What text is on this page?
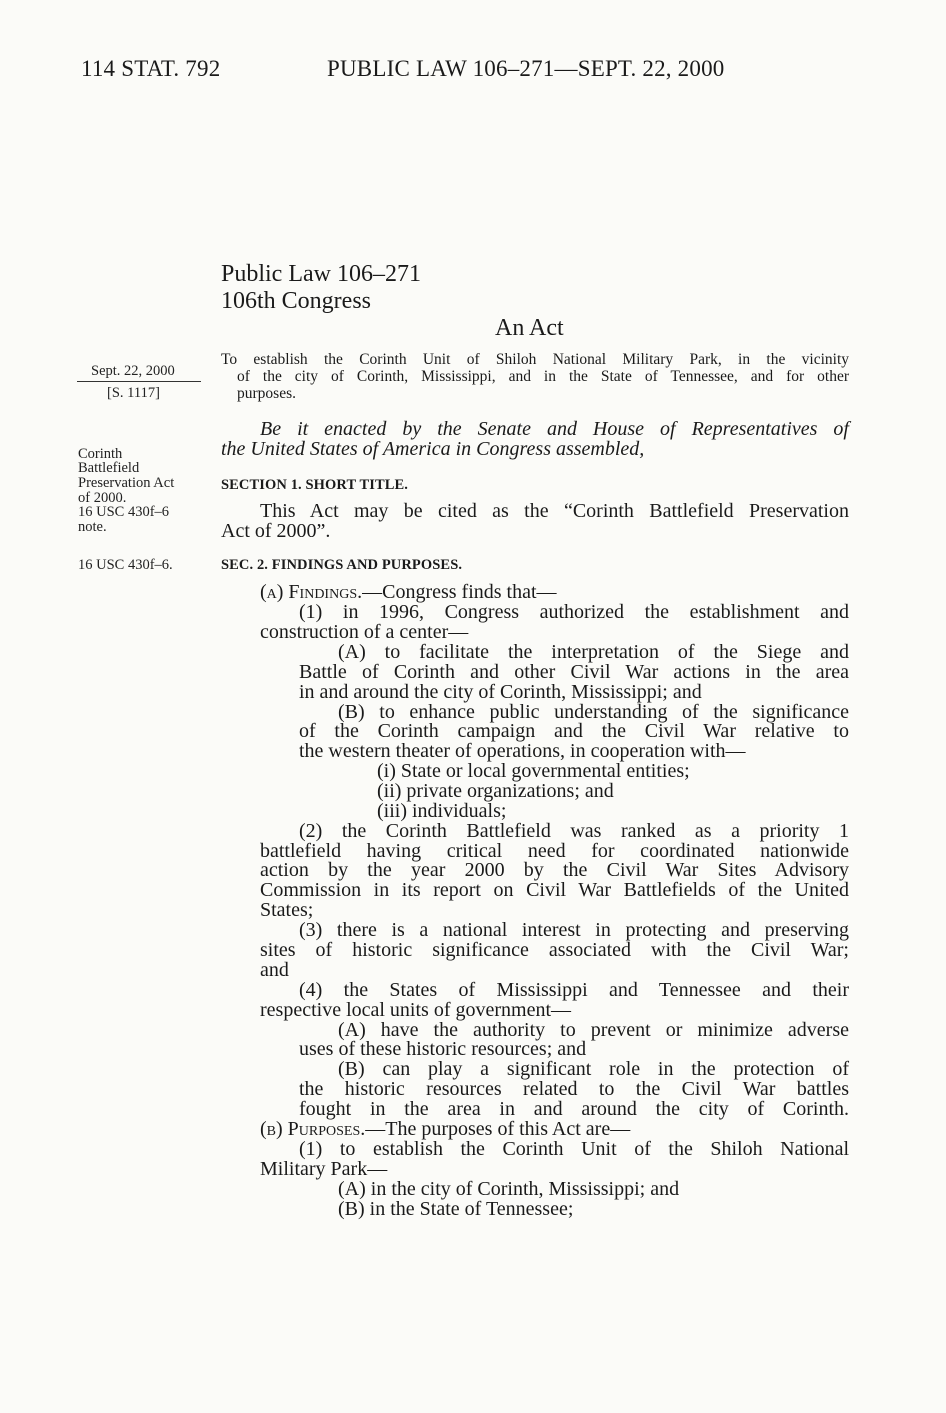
114 STAT. 792	PUBLIC LAW 106–271—SEPT. 22, 2000
Public Law 106–271
106th Congress
An Act
Sept. 22, 2000
[S. 1117]
Corinth
Battlefield
Preservation Act
of 2000.
16 USC 430f–6
note.
16 USC 430f–6.
To establish the Corinth Unit of Shiloh National Military Park, in the vicinity
of the city of Corinth, Mississippi, and in the State of Tennessee, and for other
purposes.
Be it enacted by the Senate and House of Representatives of
the United States of America in Congress assembled,
SECTION 1. SHORT TITLE.
This Act may be cited as the “Corinth Battlefield Preservation
Act of 2000”.
SEC. 2. FINDINGS AND PURPOSES.
(a) Findings.—Congress finds that—
(1) in 1996, Congress authorized the establishment and
construction of a center—
(A) to facilitate the interpretation of the Siege and
Battle of Corinth and other Civil War actions in the area
in and around the city of Corinth, Mississippi; and
(B) to enhance public understanding of the significance
of the Corinth campaign and the Civil War relative to
the western theater of operations, in cooperation with—
(i) State or local governmental entities;
(ii) private organizations; and
(iii) individuals;
(2) the Corinth Battlefield was ranked as a priority 1
battlefield having critical need for coordinated nationwide
action by the year 2000 by the Civil War Sites Advisory
Commission in its report on Civil War Battlefields of the United
States;
(3) there is a national interest in protecting and preserving
sites of historic significance associated with the Civil War;
and
(4) the States of Mississippi and Tennessee and their
respective local units of government—
(A) have the authority to prevent or minimize adverse
uses of these historic resources; and
(B) can play a significant role in the protection of
the historic resources related to the Civil War battles
fought in the area in and around the city of Corinth.
(b) Purposes.—The purposes of this Act are—
(1) to establish the Corinth Unit of the Shiloh National
Military Park—
(A) in the city of Corinth, Mississippi; and
(B) in the State of Tennessee;
